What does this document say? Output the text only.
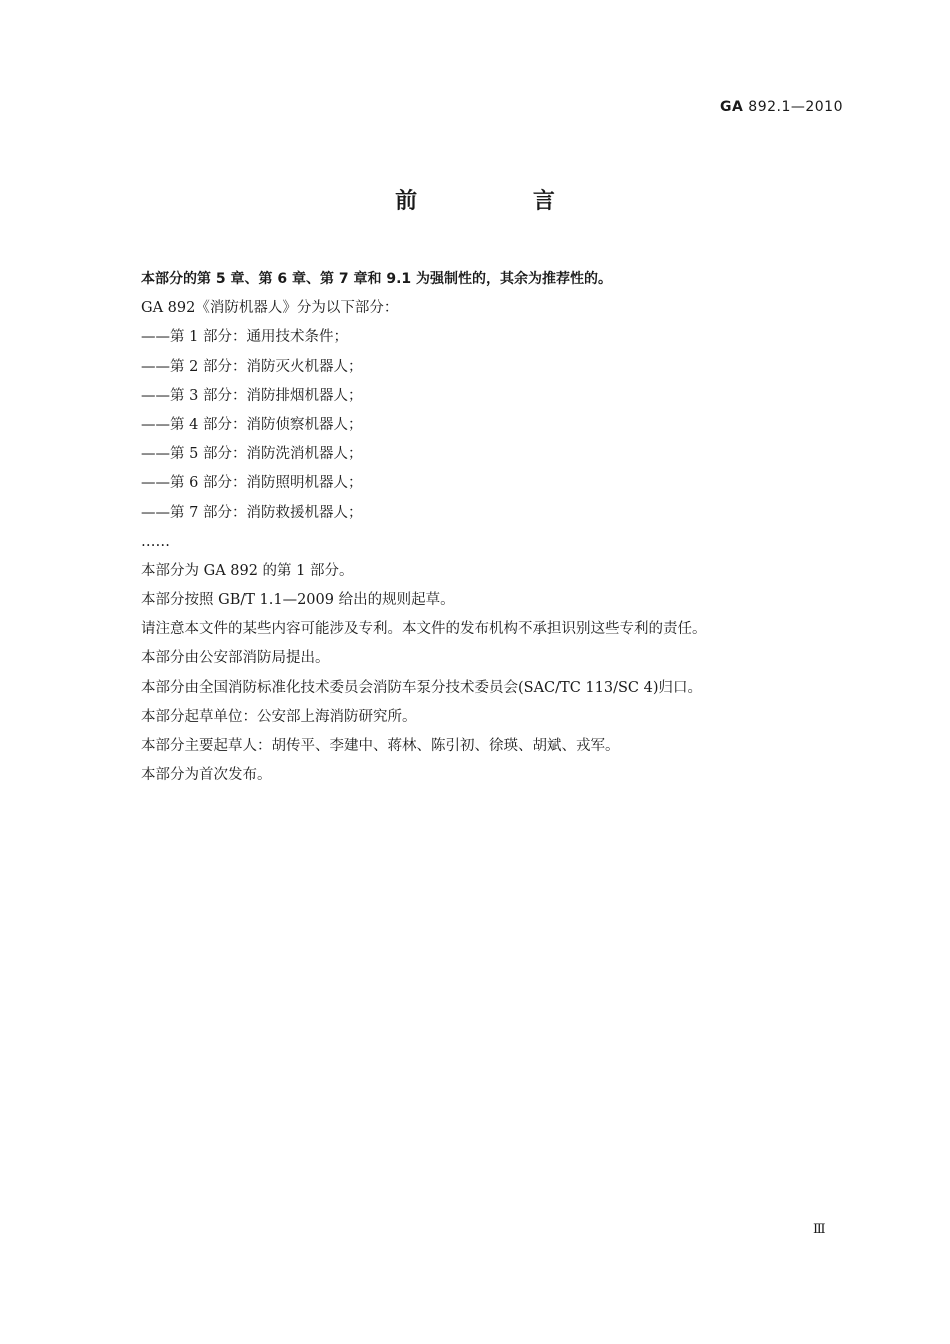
GA 892.1—2010
前 言
本部分的第 5 章、第 6 章、第 7 章和 9.1 为强制性的，其余为推荐性的。
GA 892《消防机器人》分为以下部分：
——第 1 部分：通用技术条件；
——第 2 部分：消防灭火机器人；
——第 3 部分：消防排烟机器人；
——第 4 部分：消防侦察机器人；
——第 5 部分：消防洗消机器人；
——第 6 部分：消防照明机器人；
——第 7 部分：消防救援机器人；
……
本部分为 GA 892 的第 1 部分。
本部分按照 GB/T 1.1—2009 给出的规则起草。
请注意本文件的某些内容可能涉及专利。本文件的发布机构不承担识别这些专利的责任。
本部分由公安部消防局提出。
本部分由全国消防标准化技术委员会消防车泵分技术委员会(SAC/TC 113/SC 4)归口。
本部分起草单位：公安部上海消防研究所。
本部分主要起草人：胡传平、李建中、蒋林、陈引初、徐瑛、胡斌、戎军。
本部分为首次发布。
Ⅲ
